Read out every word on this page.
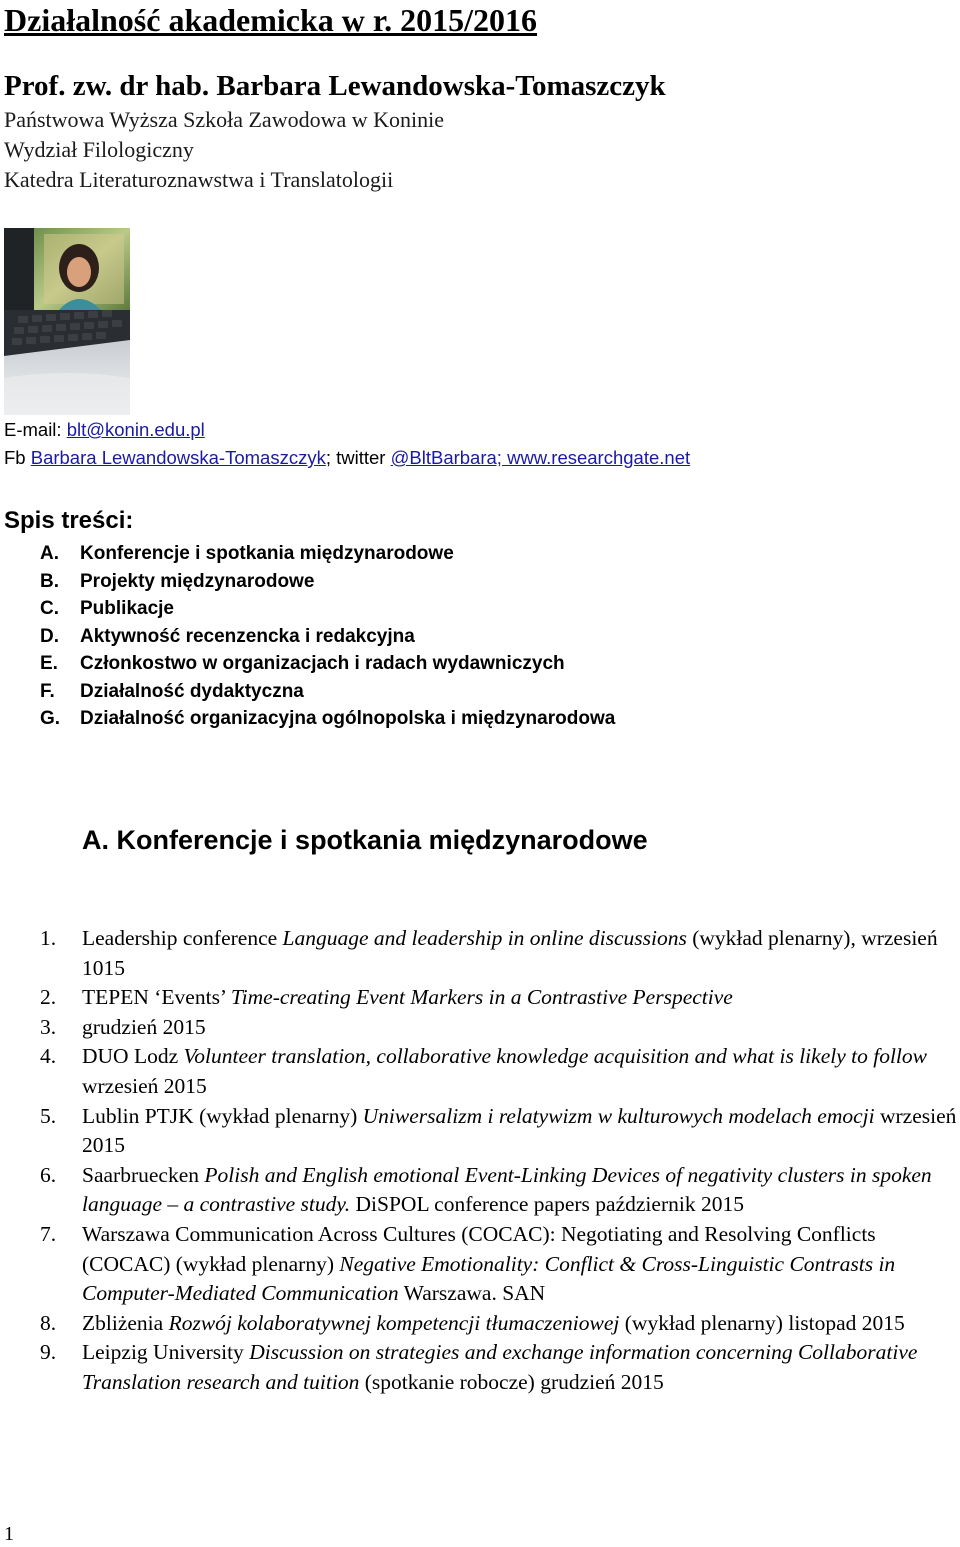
Działalność akademicka w r. 2015/2016
Prof. zw. dr hab. Barbara Lewandowska-Tomaszczyk
Państwowa Wyższa Szkoła Zawodowa w Koninie
Wydział Filologiczny
Katedra Literaturoznawstwa i Translatologii
E-mail: blt@konin.edu.pl
Fb Barbara Lewandowska-Tomaszczyk; twitter @BltBarbara; www.researchgate.net
Spis treści:
A. Konferencje i spotkania międzynarodowe
B. Projekty międzynarodowe
C. Publikacje
D. Aktywność recenzencka i redakcyjna
E. Członkostwo w organizacjach i radach wydawniczych
F. Działalność dydaktyczna
G. Działalność organizacyjna ogólnopolska i międzynarodowa
A. Konferencje i spotkania międzynarodowe
1.	Leadership conference Language and leadership in online discussions (wykład plenarny), wrzesień 1015
2.	TEPEN ‘Events’ Time-creating Event Markers in a Contrastive Perspective
3.	grudzień 2015
4.	DUO Lodz Volunteer translation, collaborative knowledge acquisition and what is likely to follow wrzesień 2015
5.	Lublin PTJK (wykład plenarny) Uniwersalizm i relatywizm w kulturowych modelach emocji wrzesień 2015
6.	Saarbruecken Polish and English emotional Event-Linking Devices of negativity clusters in spoken language – a contrastive study. DiSPOL conference papers październik 2015
7.	Warszawa Communication Across Cultures (COCAC): Negotiating and Resolving Conflicts (COCAC) (wykład plenarny) Negative Emotionality: Conflict & Cross-Linguistic Contrasts in Computer-Mediated Communication Warszawa. SAN
8.	Zbliżenia Rozwój kolaboratywnej kompetencji tłumaczeniowej (wykład plenarny) listopad 2015
9.	Leipzig University Discussion on strategies and exchange information concerning Collaborative Translation research and tuition (spotkanie robocze) grudzień 2015
1
